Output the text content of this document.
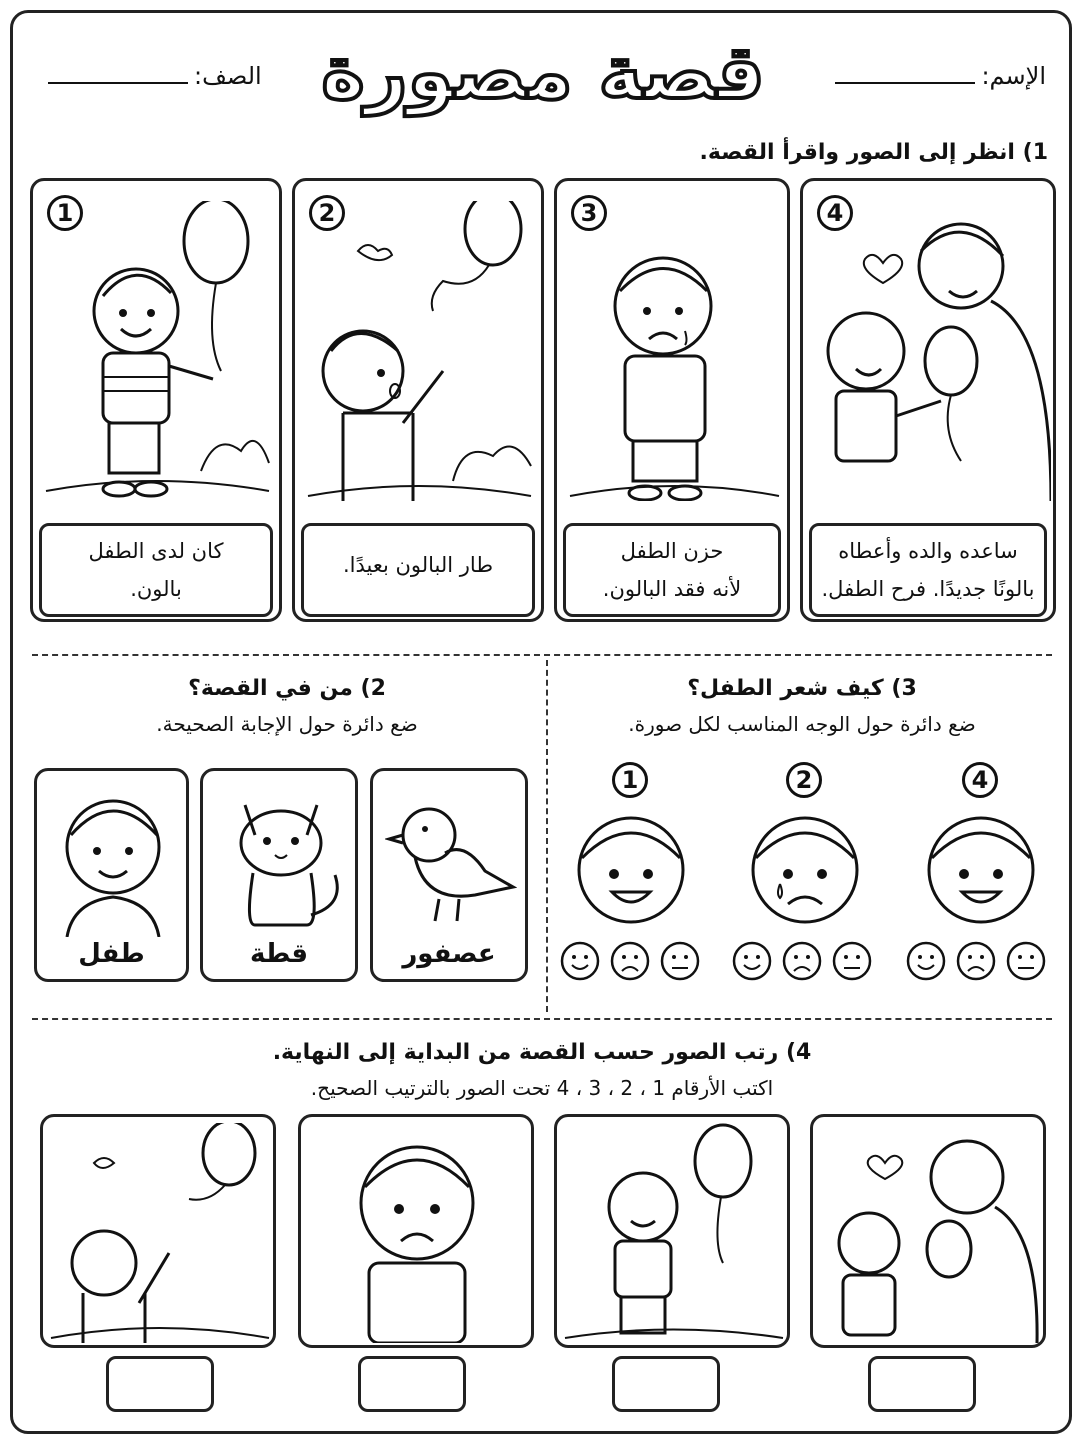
قصة مصورة	الإسم:
الصف:
1) انظر إلى الصور واقرأ القصة.
1
كان لدى الطفل
بالون.
2
طار البالون بعيدًا.
3
حزن الطفل
لأنه فقد البالون.
4
ساعده والده وأعطاه
بالونًا جديدًا. فرح الطفل.
2) من في القصة؟
ضع دائرة حول الإجابة الصحيحة.
طفل	قطة	عصفور
3) كيف شعر الطفل؟
ضع دائرة حول الوجه المناسب لكل صورة.
1	2	4
4) رتب الصور حسب القصة من البداية إلى النهاية.
اكتب الأرقام 1 ، 2 ، 3 ، 4 تحت الصور بالترتيب الصحيح.
